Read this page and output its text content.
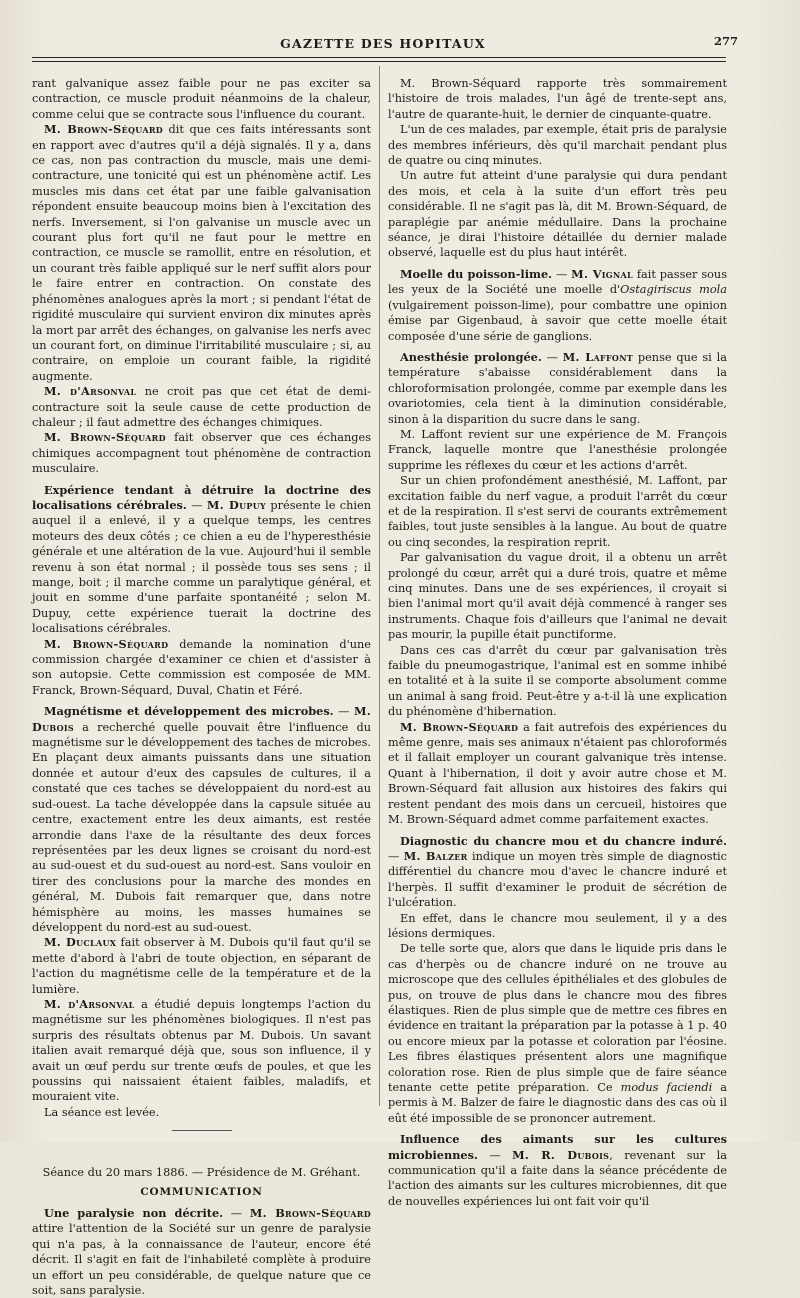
GAZETTE DES HOPITAUX	277

rant galvanique assez faible pour ne pas exciter sa contraction, ce muscle produit néanmoins de la chaleur, comme celui que se contracte sous l'influence du courant.

M. Brown-Séquard dit que ces faits intéressants sont en rapport avec d'autres qu'il a déjà signalés. Il y a, dans ce cas, non pas contraction du muscle, mais une demi-contracture, une tonicité qui est un phénomène actif. Les muscles mis dans cet état par une faible galvanisation répondent ensuite beaucoup moins bien à l'excitation des nerfs. Inversement, si l'on galvanise un muscle avec un courant plus fort qu'il ne faut pour le mettre en contraction, ce muscle se ramollit, entre en résolution, et un courant très faible appliqué sur le nerf suffit alors pour le faire entrer en contraction. On constate des phénomènes analogues après la mort ; si pendant l'état de rigidité musculaire qui survient environ dix minutes après la mort par arrêt des échanges, on galvanise les nerfs avec un courant fort, on diminue l'irritabilité musculaire ; si, au contraire, on emploie un courant faible, la rigidité augmente.

M. d'Arsonval ne croit pas que cet état de demi-contracture soit la seule cause de cette production de chaleur ; il faut admettre des échanges chimiques.

M. Brown-Séquard fait observer que ces échanges chimiques accompagnent tout phénomène de contraction musculaire.

Expérience tendant à détruire la doctrine des localisations cérébrales. — M. Dupuy présente le chien auquel il a enlevé, il y a quelque temps, les centres moteurs des deux côtés ; ce chien a eu de l'hyperesthésie générale et une altération de la vue. Aujourd'hui il semble revenu à son état normal ; il possède tous ses sens ; il mange, boit ; il marche comme un paralytique général, et jouit en somme d'une parfaite spontanéité ; selon M. Dupuy, cette expérience tuerait la doctrine des localisations cérébrales.

M. Brown-Séquard demande la nomination d'une commission chargée d'examiner ce chien et d'assister à son autopsie. Cette commission est composée de MM. Franck, Brown-Séquard, Duval, Chatin et Féré.

Magnétisme et développement des microbes. — M. Dubois a recherché quelle pouvait être l'influence du magnétisme sur le développement des taches de microbes. En plaçant deux aimants puissants dans une situation donnée et autour d'eux des capsules de cultures, il a constaté que ces taches se développaient du nord-est au sud-ouest. La tache développée dans la capsule située au centre, exactement entre les deux aimants, est restée arrondie dans l'axe de la résultante des deux forces représentées par les deux lignes se croisant du nord-est au sud-ouest et du sud-ouest au nord-est. Sans vouloir en tirer des conclusions pour la marche des mondes en général, M. Dubois fait remarquer que, dans notre hémisphère au moins, les masses humaines se développent du nord-est au sud-ouest.

M. Duclaux fait observer à M. Dubois qu'il faut qu'il se mette d'abord à l'abri de toute objection, en séparant de l'action du magnétisme celle de la température et de la lumière.

M. d'Arsonval a étudié depuis longtemps l'action du magnétisme sur les phénomènes biologiques. Il n'est pas surpris des résultats obtenus par M. Dubois. Un savant italien avait remarqué déjà que, sous son influence, il y avait un œuf perdu sur trente œufs de poules, et que les poussins qui naissaient étaient faibles, maladifs, et mouraient vite.

La séance est levée.

Séance du 20 mars 1886. — Présidence de M. Gréhant.

COMMUNICATION

Une paralysie non décrite. — M. Brown-Séquard attire l'attention de la Société sur un genre de paralysie qui n'a pas, à la connaissance de l'auteur, encore été décrit. Il s'agit en fait de l'inhabileté complète à produire un effort un peu considérable, de quelque nature que ce soit, sans paralysie.

M. Brown-Séquard rapporte très sommairement l'histoire de trois malades, l'un âgé de trente-sept ans, l'autre de quarante-huit, le dernier de cinquante-quatre.

L'un de ces malades, par exemple, était pris de paralysie des membres inférieurs, dès qu'il marchait pendant plus de quatre ou cinq minutes.

Un autre fut atteint d'une paralysie qui dura pendant des mois, et cela à la suite d'un effort très peu considérable. Il ne s'agit pas là, dit M. Brown-Séquard, de paraplégie par anémie médullaire. Dans la prochaine séance, je dirai l'histoire détaillée du dernier malade observé, laquelle est du plus haut intérêt.

Moelle du poisson-lime. — M. Vignal fait passer sous les yeux de la Société une moelle d'Ostagiriscus mola (vulgairement poisson-lime), pour combattre une opinion émise par Gigenbaud, à savoir que cette moelle était composée d'une série de ganglions.

Anesthésie prolongée. — M. Laffont pense que si la température s'abaisse considérablement dans la chloroformisation prolongée, comme par exemple dans les ovariotomies, cela tient à la diminution considérable, sinon à la disparition du sucre dans le sang.

M. Laffont revient sur une expérience de M. François Franck, laquelle montre que l'anesthésie prolongée supprime les réflexes du cœur et les actions d'arrêt.

Sur un chien profondément anesthésié, M. Laffont, par excitation faible du nerf vague, a produit l'arrêt du cœur et de la respiration. Il s'est servi de courants extrêmement faibles, tout juste sensibles à la langue. Au bout de quatre ou cinq secondes, la respiration reprit.

Par galvanisation du vague droit, il a obtenu un arrêt prolongé du cœur, arrêt qui a duré trois, quatre et même cinq minutes. Dans une de ses expériences, il croyait si bien l'animal mort qu'il avait déjà commencé à ranger ses instruments. Chaque fois d'ailleurs que l'animal ne devait pas mourir, la pupille était punctiforme.

Dans ces cas d'arrêt du cœur par galvanisation très faible du pneumogastrique, l'animal est en somme inhibé en totalité et à la suite il se comporte absolument comme un animal à sang froid. Peut-être y a-t-il là une explication du phénomène d'hibernation.

M. Brown-Séquard a fait autrefois des expériences du même genre, mais ses animaux n'étaient pas chloroformés et il fallait employer un courant galvanique très intense. Quant à l'hibernation, il doit y avoir autre chose et M. Brown-Séquard fait allusion aux histoires des fakirs qui restent pendant des mois dans un cercueil, histoires que M. Brown-Séquard admet comme parfaitement exactes.

Diagnostic du chancre mou et du chancre induré. — M. Balzer indique un moyen très simple de diagnostic différentiel du chancre mou d'avec le chancre induré et l'herpès. Il suffit d'examiner le produit de sécrétion de l'ulcération.

En effet, dans le chancre mou seulement, il y a des lésions dermiques.

De telle sorte que, alors que dans le liquide pris dans le cas d'herpès ou de chancre induré on ne trouve au microscope que des cellules épithéliales et des globules de pus, on trouve de plus dans le chancre mou des fibres élastiques. Rien de plus simple que de mettre ces fibres en évidence en traitant la préparation par la potasse à 1 p. 40 ou encore mieux par la potasse et coloration par l'éosine. Les fibres élastiques présentent alors une magnifique coloration rose. Rien de plus simple que de faire séance tenante cette petite préparation. Ce modus faciendi a permis à M. Balzer de faire le diagnostic dans des cas où il eût été impossible de se prononcer autrement.

Influence des aimants sur les cultures microbiennes. — M. R. Dubois, revenant sur la communication qu'il a faite dans la séance précédente de l'action des aimants sur les cultures microbiennes, dit que de nouvelles expériences lui ont fait voir qu'il
